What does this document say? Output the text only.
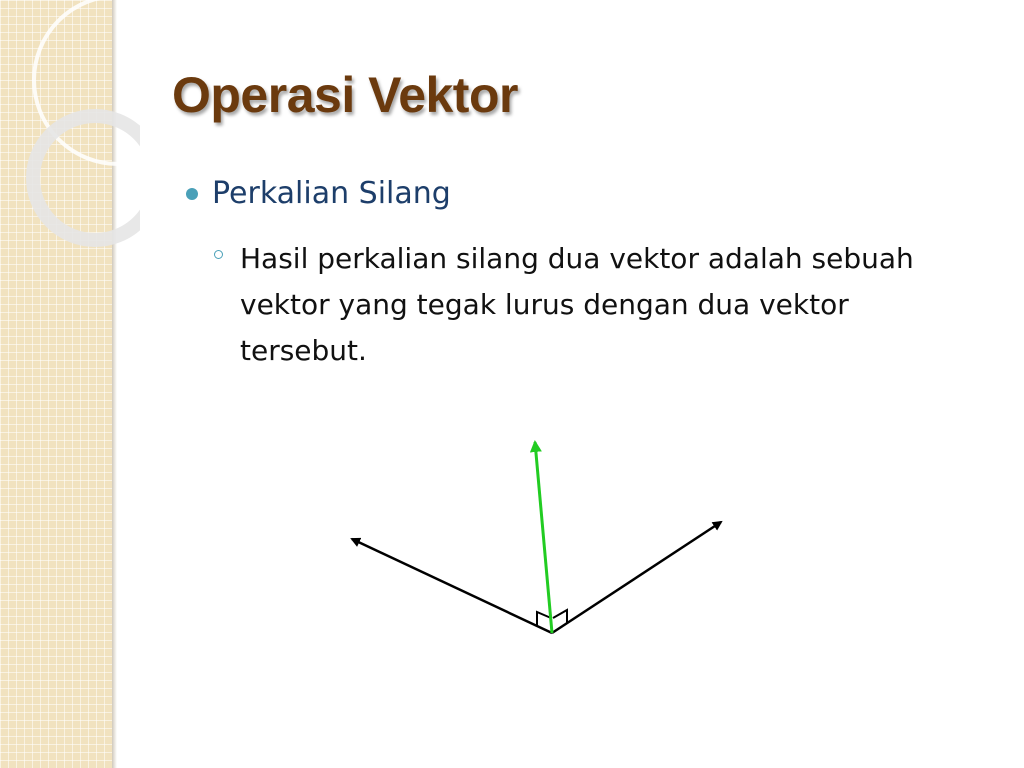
Operasi Vektor
Perkalian Silang
Hasil perkalian silang dua vektor adalah sebuah vektor yang tegak lurus dengan dua vektor tersebut.
